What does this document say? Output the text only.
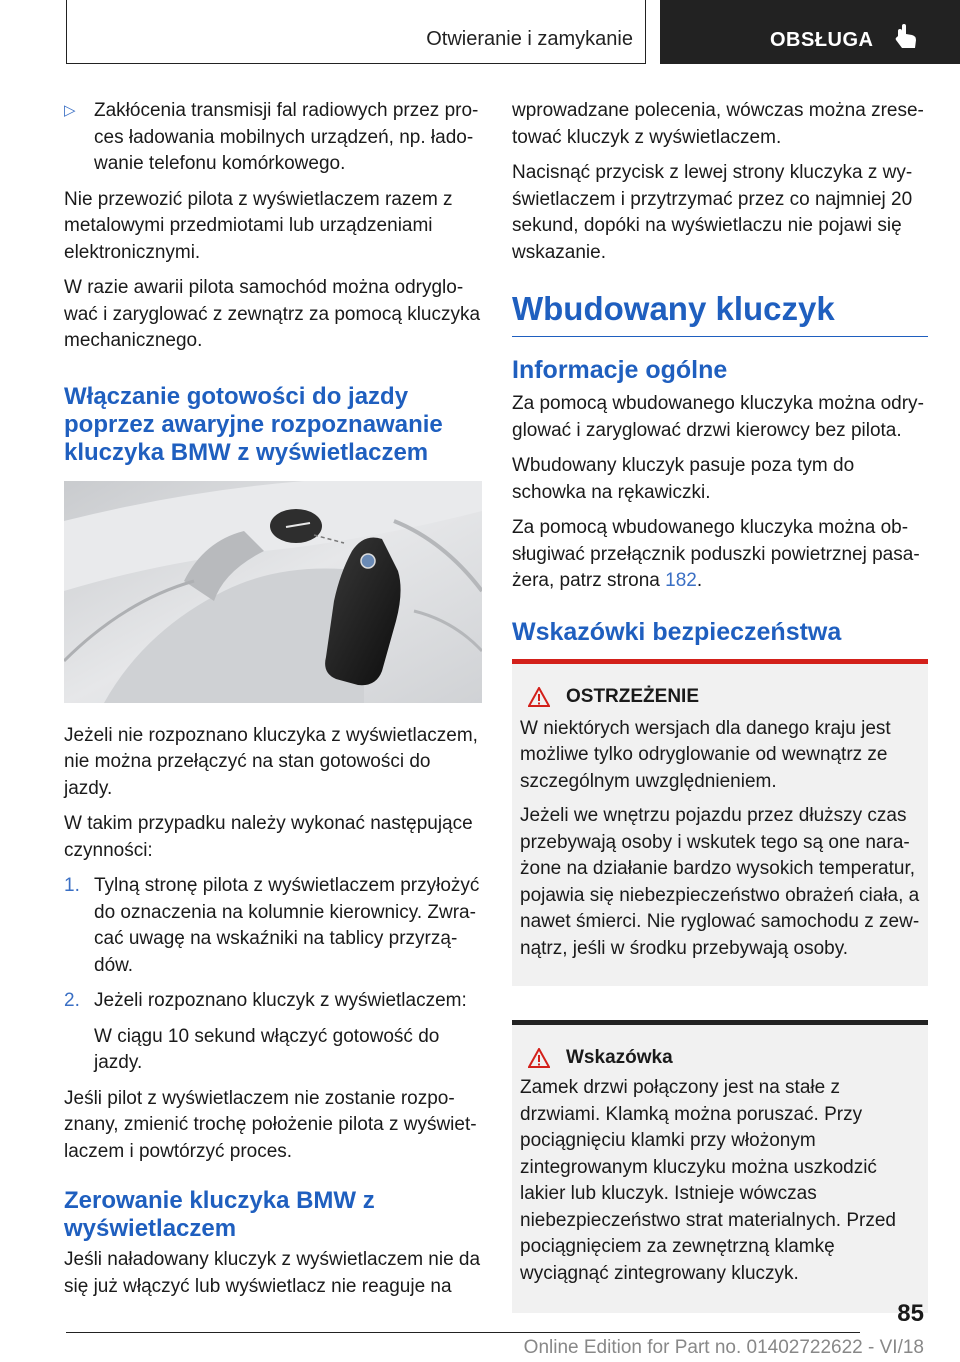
Otwieranie i zamykanie	OBSŁUGA
▷ Zakłócenia transmisji fal radiowych przez proces ładowania mobilnych urządzeń, np. ładowanie telefonu komórkowego.

Nie przewozić pilota z wyświetlaczem razem z metalowymi przedmiotami lub urządzeniami elektronicznymi.

W razie awarii pilota samochód można odryglować i zaryglować z zewnątrz za pomocą kluczyka mechanicznego.

Włączanie gotowości do jazdy poprzez awaryjne rozpoznawanie kluczyka BMW z wyświetlaczem

Jeżeli nie rozpoznano kluczyka z wyświetlaczem, nie można przełączyć na stan gotowości do jazdy.

W takim przypadku należy wykonać następujące czynności:

1. Tylną stronę pilota z wyświetlaczem przyłożyć do oznaczenia na kolumnie kierownicy. Zwracać uwagę na wskaźniki na tablicy przyrządów.
2. Jeżeli rozpoznano kluczyk z wyświetlaczem:

W ciągu 10 sekund włączyć gotowość do jazdy.

Jeśli pilot z wyświetlaczem nie zostanie rozpoznany, zmienić trochę położenie pilota z wyświetlaczem i powtórzyć proces.

Zerowanie kluczyka BMW z wyświetlaczem

Jeśli naładowany kluczyk z wyświetlaczem nie da się już włączyć lub wyświetlacz nie reaguje na

wprowadzane polecenia, wówczas można zresetować kluczyk z wyświetlaczem.

Nacisnąć przycisk z lewej strony kluczyka z wyświetlaczem i przytrzymać przez co najmniej 20 sekund, dopóki na wyświetlaczu nie pojawi się wskazanie.

Wbudowany kluczyk
Informacje ogólne

Za pomocą wbudowanego kluczyka można odryglować i zaryglować drzwi kierowcy bez pilota.

Wbudowany kluczyk pasuje poza tym do schowka na rękawiczki.

Za pomocą wbudowanego kluczyka można obsługiwać przełącznik poduszki powietrznej pasażera, patrz strona 182.

Wskazówki bezpieczeństwa
OSTRZEŻENIE

W niektórych wersjach dla danego kraju jest możliwe tylko odryglowanie od wewnątrz ze szczególnym uwzględnieniem.

Jeżeli we wnętrzu pojazdu przez dłuższy czas przebywają osoby i wskutek tego są one narażone na działanie bardzo wysokich temperatur, pojawia się niebezpieczeństwo obrażeń ciała, a nawet śmierci. Nie ryglować samochodu z zewnątrz, jeśli w środku przebywają osoby.

Wskazówka

Zamek drzwi połączony jest na stałe z drzwiami. Klamką można poruszać. Przy pociągnięciu klamki przy włożonym zintegrowanym kluczyku można uszkodzić lakier lub kluczyk. Istnieje wówczas niebezpieczeństwo strat materialnych. Przed pociągnięciem za zewnętrzną klamkę wyciągnąć zintegrowany kluczyk.

85
Online Edition for Part no. 01402722622 - VI/18
